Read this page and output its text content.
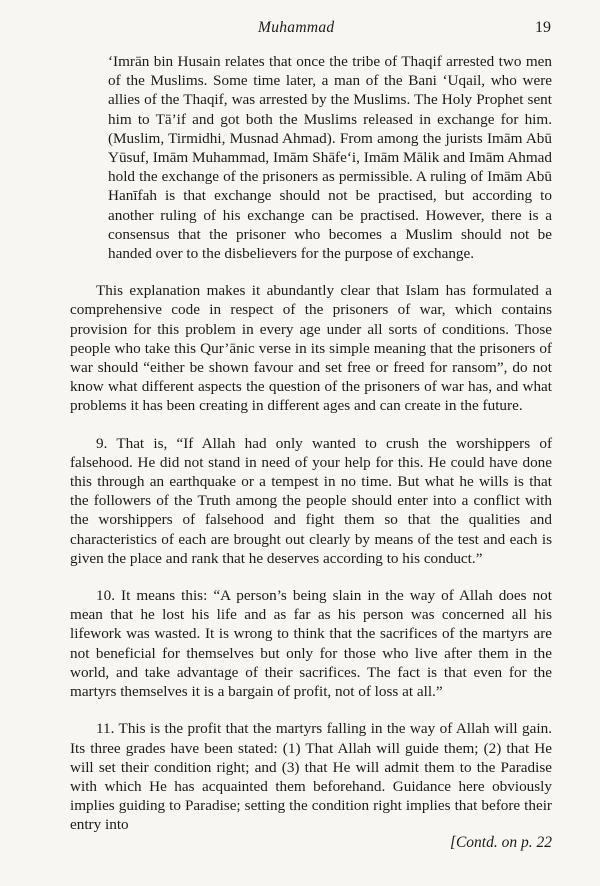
Muhammad	19

‘Imrān bin Husain relates that once the tribe of Thaqif arrested two men of the Muslims. Some time later, a man of the Bani ‘Uqail, who were allies of the Thaqif, was arrested by the Muslims. The Holy Prophet sent him to Tā’if and got both the Muslims released in exchange for him. (Muslim, Tirmidhi, Musnad Ahmad). From among the jurists Imām Abū Yūsuf, Imām Muhammad, Imām Shāfe‘i, Imām Mālik and Imām Ahmad hold the exchange of the prisoners as permissible. A ruling of Imām Abū Hanīfah is that exchange should not be practised, but according to another ruling of his exchange can be practised. However, there is a consensus that the prisoner who becomes a Muslim should not be handed over to the disbelievers for the purpose of exchange.

This explanation makes it abundantly clear that Islam has formulated a comprehensive code in respect of the prisoners of war, which contains provision for this problem in every age under all sorts of conditions. Those people who take this Qur’ānic verse in its simple meaning that the prisoners of war should “either be shown favour and set free or freed for ransom”, do not know what different aspects the question of the prisoners of war has, and what problems it has been creating in different ages and can create in the future.

9. That is, “If Allah had only wanted to crush the worshippers of falsehood. He did not stand in need of your help for this. He could have done this through an earthquake or a tempest in no time. But what he wills is that the followers of the Truth among the people should enter into a conflict with the worshippers of falsehood and fight them so that the qualities and characteristics of each are brought out clearly by means of the test and each is given the place and rank that he deserves according to his conduct.”

10. It means this: “A person’s being slain in the way of Allah does not mean that he lost his life and as far as his person was concerned all his lifework was wasted. It is wrong to think that the sacrifices of the martyrs are not beneficial for themselves but only for those who live after them in the world, and take advantage of their sacrifices. The fact is that even for the martyrs themselves it is a bargain of profit, not of loss at all.”

11. This is the profit that the martyrs falling in the way of Allah will gain. Its three grades have been stated: (1) That Allah will guide them; (2) that He will set their condition right; and (3) that He will admit them to the Paradise with which He has acquainted them beforehand. Guidance here obviously implies guiding to Paradise; setting the condition right implies that before their entry into

[Contd. on p. 22
